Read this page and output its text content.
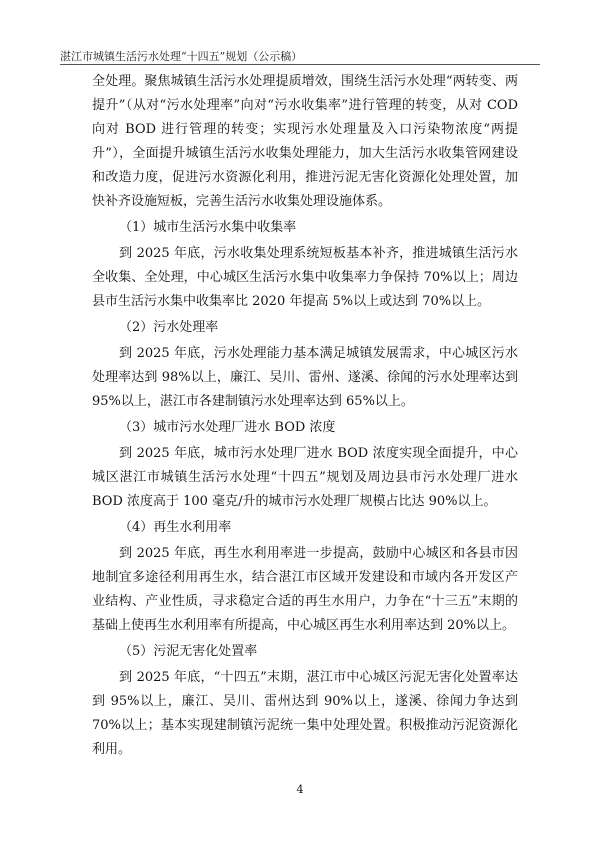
湛江市城镇生活污水处理“十四五”规划（公示稿）

全处理。聚焦城镇生活污水处理提质增效，围绕生活污水处理“两转变、两提升”（从对“污水处理率”向对“污水收集率”进行管理的转变，从对 COD 向对 BOD 进行管理的转变；实现污水处理量及入口污染物浓度“两提升”），全面提升城镇生活污水收集处理能力，加大生活污水收集管网建设和改造力度，促进污水资源化利用，推进污泥无害化资源化处理处置，加快补齐设施短板，完善生活污水收集处理设施体系。

（1）城市生活污水集中收集率

到 2025 年底，污水收集处理系统短板基本补齐，推进城镇生活污水全收集、全处理，中心城区生活污水集中收集率力争保持 70%以上；周边县市生活污水集中收集率比 2020 年提高 5%以上或达到 70%以上。

（2）污水处理率

到 2025 年底，污水处理能力基本满足城镇发展需求，中心城区污水处理率达到 98%以上，廉江、吴川、雷州、遂溪、徐闻的污水处理率达到 95%以上，湛江市各建制镇污水处理率达到 65%以上。

（3）城市污水处理厂进水 BOD 浓度

到 2025 年底，城市污水处理厂进水 BOD 浓度实现全面提升，中心城区湛江市城镇生活污水处理“十四五”规划及周边县市污水处理厂进水 BOD 浓度高于 100 毫克/升的城市污水处理厂规模占比达 90%以上。

（4）再生水利用率

到 2025 年底，再生水利用率进一步提高，鼓励中心城区和各县市因地制宜多途径利用再生水，结合湛江市区域开发建设和市域内各开发区产业结构、产业性质，寻求稳定合适的再生水用户，力争在“十三五”末期的基础上使再生水利用率有所提高，中心城区再生水利用率达到 20%以上。

（5）污泥无害化处置率

到 2025 年底，“十四五”末期，湛江市中心城区污泥无害化处置率达到 95%以上，廉江、吴川、雷州达到 90%以上，遂溪、徐闻力争达到 70%以上；基本实现建制镇污泥统一集中处理处置。积极推动污泥资源化利用。

4
